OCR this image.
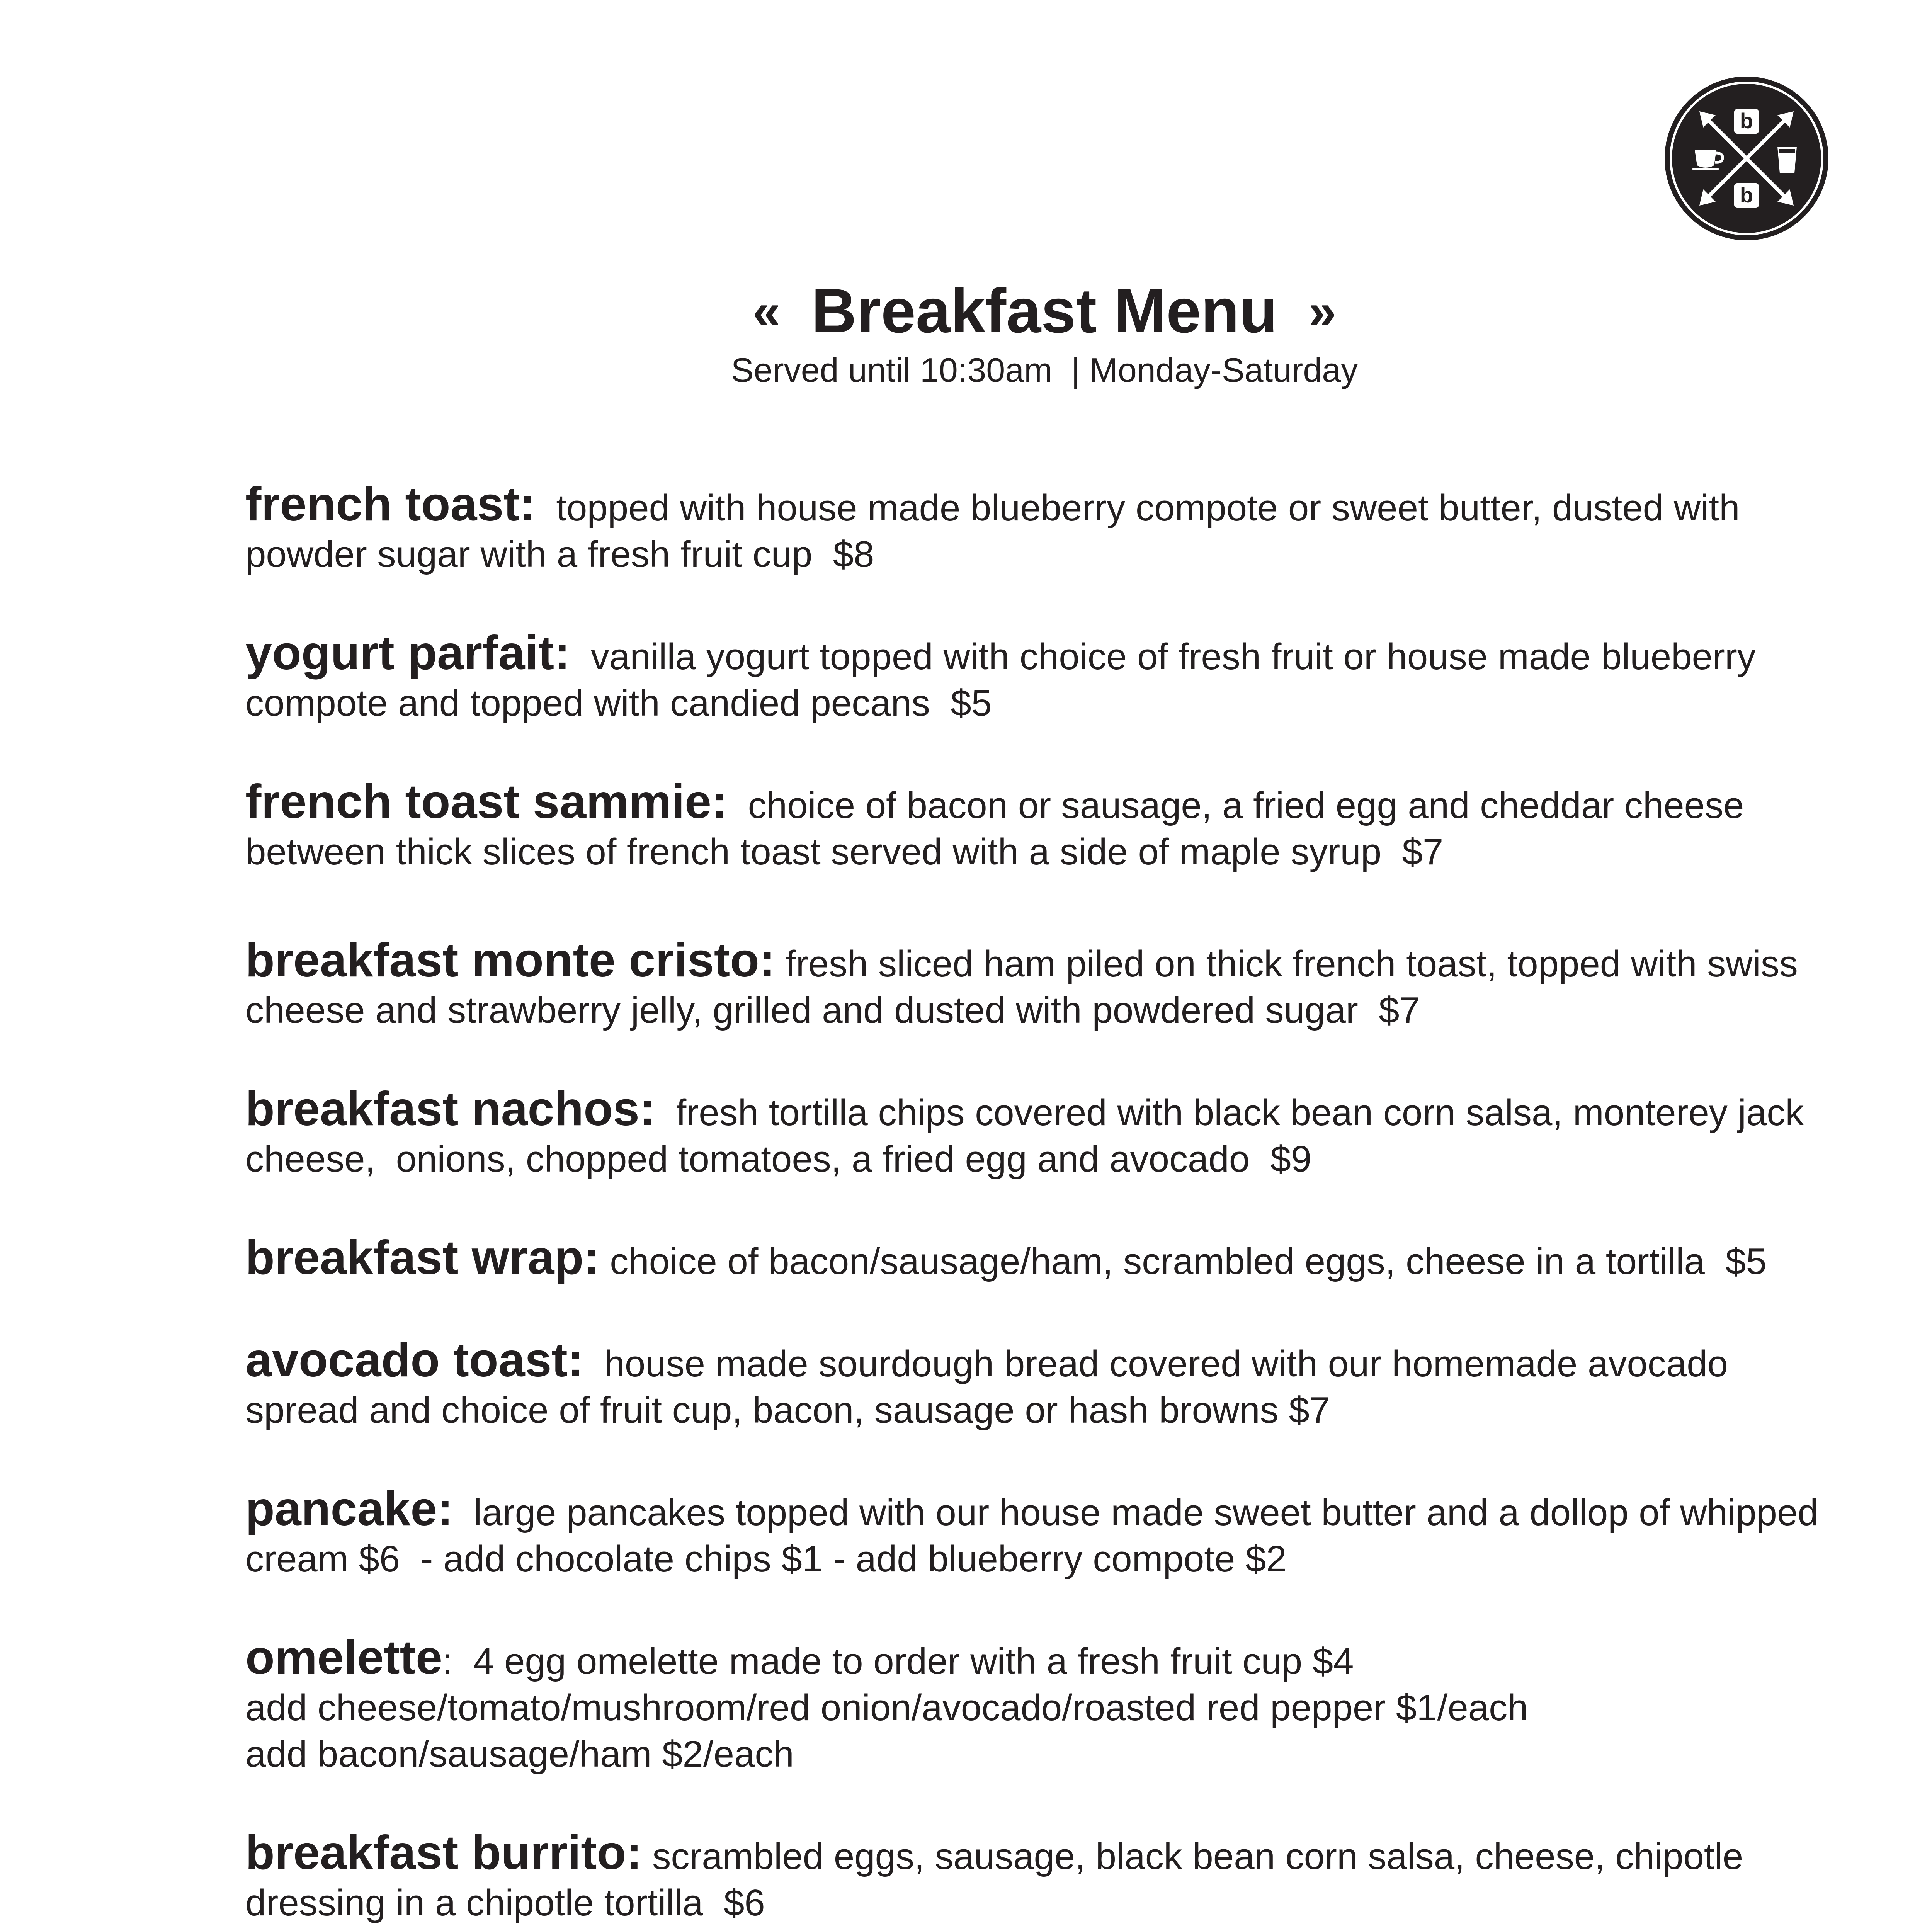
b
b
« Breakfast Menu »
Served until 10:30am  | Monday-Saturday
french toast:  topped with house made blueberry compote or sweet butter, dusted with
powder sugar with a fresh fruit cup  $8
yogurt parfait:  vanilla yogurt topped with choice of fresh fruit or house made blueberry
compote and topped with candied pecans  $5
french toast sammie:  choice of bacon or sausage, a fried egg and cheddar cheese
between thick slices of french toast served with a side of maple syrup  $7
breakfast monte cristo: fresh sliced ham piled on thick french toast, topped with swiss
cheese and strawberry jelly, grilled and dusted with powdered sugar  $7
breakfast nachos:  fresh tortilla chips covered with black bean corn salsa, monterey jack
cheese,  onions, chopped tomatoes, a fried egg and avocado  $9
breakfast wrap: choice of bacon/sausage/ham, scrambled eggs, cheese in a tortilla  $5
avocado toast:  house made sourdough bread covered with our homemade avocado
spread and choice of fruit cup, bacon, sausage or hash browns $7
pancake:  large pancakes topped with our house made sweet butter and a dollop of whipped
cream $6  - add chocolate chips $1 - add blueberry compote $2
omelette:  4 egg omelette made to order with a fresh fruit cup $4
add cheese/tomato/mushroom/red onion/avocado/roasted red pepper $1/each
add bacon/sausage/ham $2/each
breakfast burrito: scrambled eggs, sausage, black bean corn salsa, cheese, chipotle
dressing in a chipotle tortilla  $6
